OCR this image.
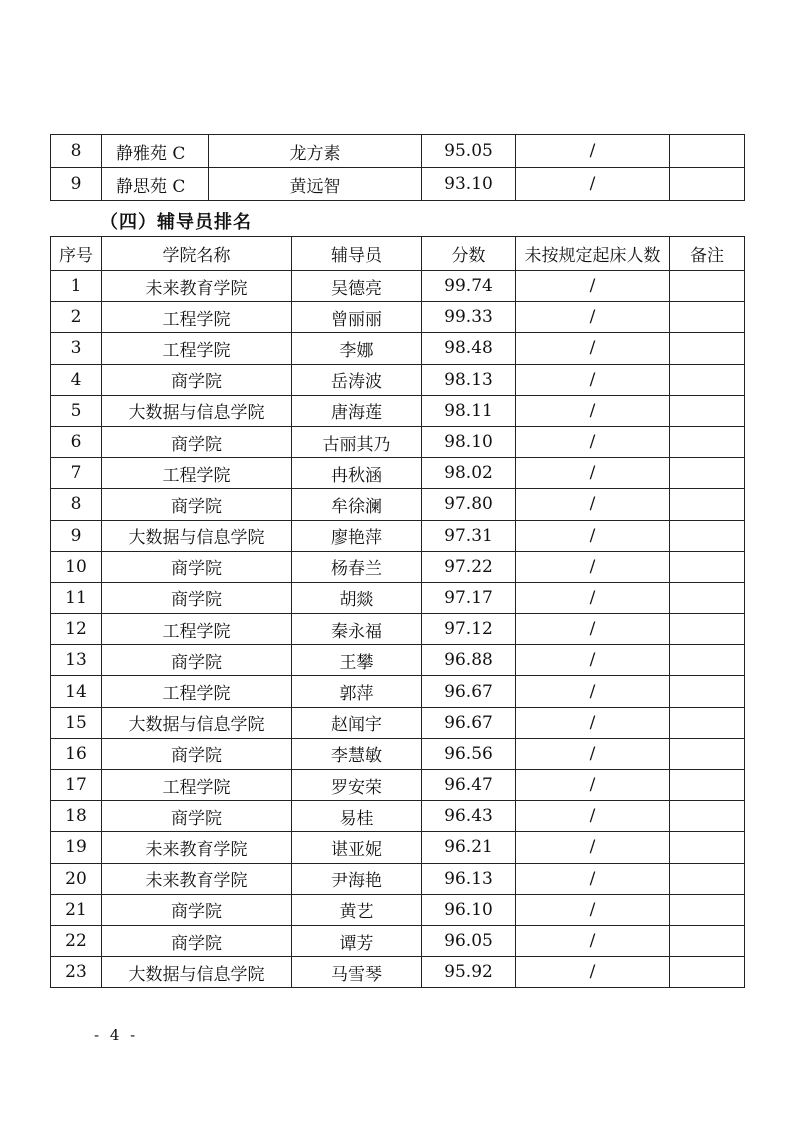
8	静雅苑 C	龙方素	95.05	/	
9	静思苑 C	黄远智	93.10	/	
（四）辅导员排名
序号	学院名称	辅导员	分数	未按规定起床人数	备注
1	未来教育学院	吴德亮	99.74	/	
2	工程学院	曾丽丽	99.33	/	
3	工程学院	李娜	98.48	/	
4	商学院	岳涛波	98.13	/	
5	大数据与信息学院	唐海莲	98.11	/	
6	商学院	古丽其乃	98.10	/	
7	工程学院	冉秋涵	98.02	/	
8	商学院	牟徐澜	97.80	/	
9	大数据与信息学院	廖艳萍	97.31	/	
10	商学院	杨春兰	97.22	/	
11	商学院	胡燚	97.17	/	
12	工程学院	秦永福	97.12	/	
13	商学院	王攀	96.88	/	
14	工程学院	郭萍	96.67	/	
15	大数据与信息学院	赵闻宇	96.67	/	
16	商学院	李慧敏	96.56	/	
17	工程学院	罗安荣	96.47	/	
18	商学院	易桂	96.43	/	
19	未来教育学院	谌亚妮	96.21	/	
20	未来教育学院	尹海艳	96.13	/	
21	商学院	黄艺	96.10	/	
22	商学院	谭芳	96.05	/	
23	大数据与信息学院	马雪琴	95.92	/	
- 4 -
